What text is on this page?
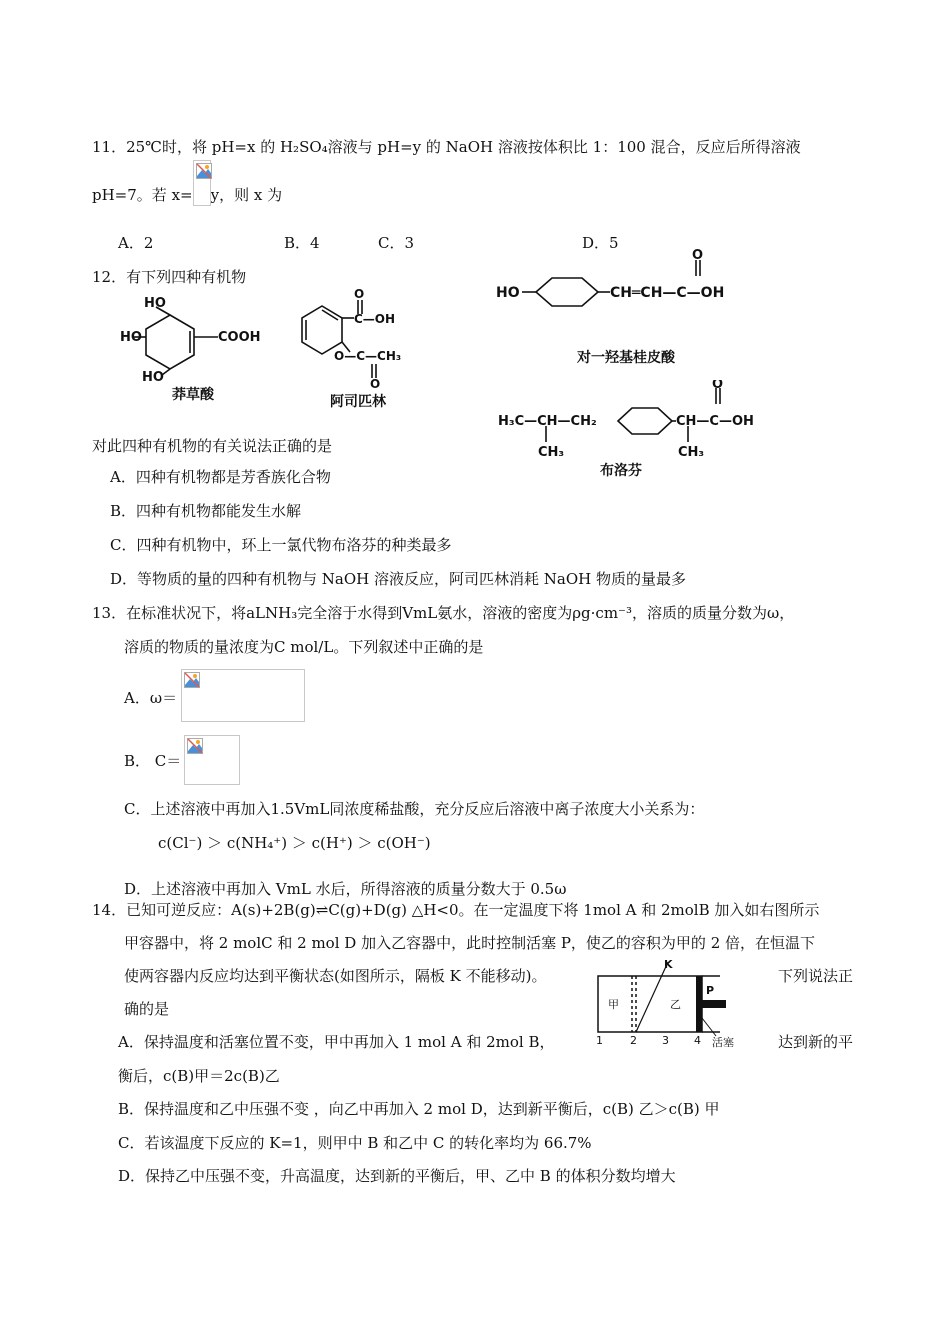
11．25℃时，将 pH=x 的 H₂SO₄溶液与 pH=y 的 NaOH 溶液按体积比 1：100 混合，反应后所得溶液
pH=7。若 x= y，则 x 为
A．2	B．4	C．3	D．5
12．有下列四种有机物
HO
HO
HO
COOH
莽草酸
O
C—OH
O—C—CH₃
O
阿司匹林
HO	CH═CH—C—OH
O
对一羟基桂皮酸
H₃C—CH—CH₂
CH₃
CH—C—OH
CH₃
O
布洛芬
对此四种有机物的有关说法正确的是
A．四种有机物都是芳香族化合物
B．四种有机物都能发生水解
C．四种有机物中，环上一氯代物布洛芬的种类最多
D．等物质的量的四种有机物与 NaOH 溶液反应，阿司匹林消耗 NaOH 物质的量最多
13．在标准状况下，将aLNH₃完全溶于水得到VmL氨水，溶液的密度为ρg·cm⁻³，溶质的质量分数为ω，
溶质的物质的量浓度为C mol/L。下列叙述中正确的是
A．ω＝
B． C＝
C．上述溶液中再加入1.5VmL同浓度稀盐酸，充分反应后溶液中离子浓度大小关系为：
c(Cl⁻) ＞ c(NH₄⁺) ＞ c(H⁺) ＞ c(OH⁻)
D．上述溶液中再加入 VmL 水后，所得溶液的质量分数大于 0.5ω
14．已知可逆反应：A(s)+2B(g)⇌C(g)+D(g) △H<0。在一定温度下将 1mol A 和 2molB 加入如右图所示
甲容器中，将 2 molC 和 2 mol D 加入乙容器中，此时控制活塞 P，使乙的容积为甲的 2 倍，在恒温下
使两容器内反应均达到平衡状态(如图所示，隔板 K 不能移动)。	下列说法正
确的是
K
甲	乙
P
1 2 3 4 活塞
A．保持温度和活塞位置不变，甲中再加入 1 mol A 和 2mol B，	达到新的平
衡后，c(B)甲＝2c(B)乙
B．保持温度和乙中压强不变 ，向乙中再加入 2 mol D，达到新平衡后，c(B) 乙＞c(B) 甲
C．若该温度下反应的 K=1，则甲中 B 和乙中 C 的转化率均为 66.7%
D．保持乙中压强不变，升高温度，达到新的平衡后，甲、乙中 B 的体积分数均增大
